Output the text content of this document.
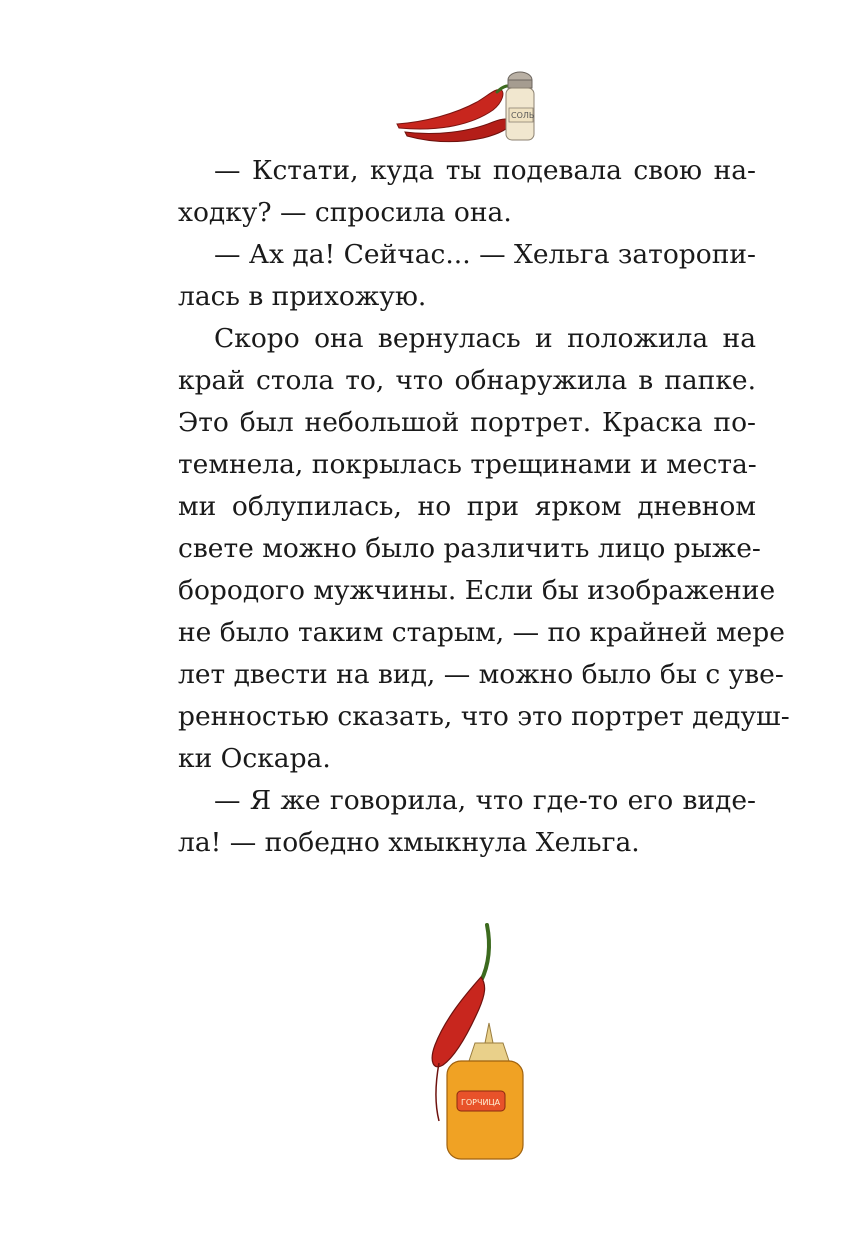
СОЛЬ
— Кстати, куда ты подевала свою на-
ходку? — спросила она.
— Ах да! Сейчас... — Хельга заторопи-
лась в прихожую.
Скоро она вернулась и положила на
край стола то, что обнаружила в папке.
Это был небольшой портрет. Краска по-
темнела, покрылась трещинами и места-
ми облупилась, но при ярком дневном
свете можно было различить лицо рыже-
бородого мужчины. Если бы изображение
не было таким старым, — по крайней мере
лет двести на вид, — можно было бы с уве-
ренностью сказать, что это портрет дедуш-
ки Оскара.
— Я же говорила, что где-то его виде-
ла! — победно хмыкнула Хельга.
ГОРЧИЦА
